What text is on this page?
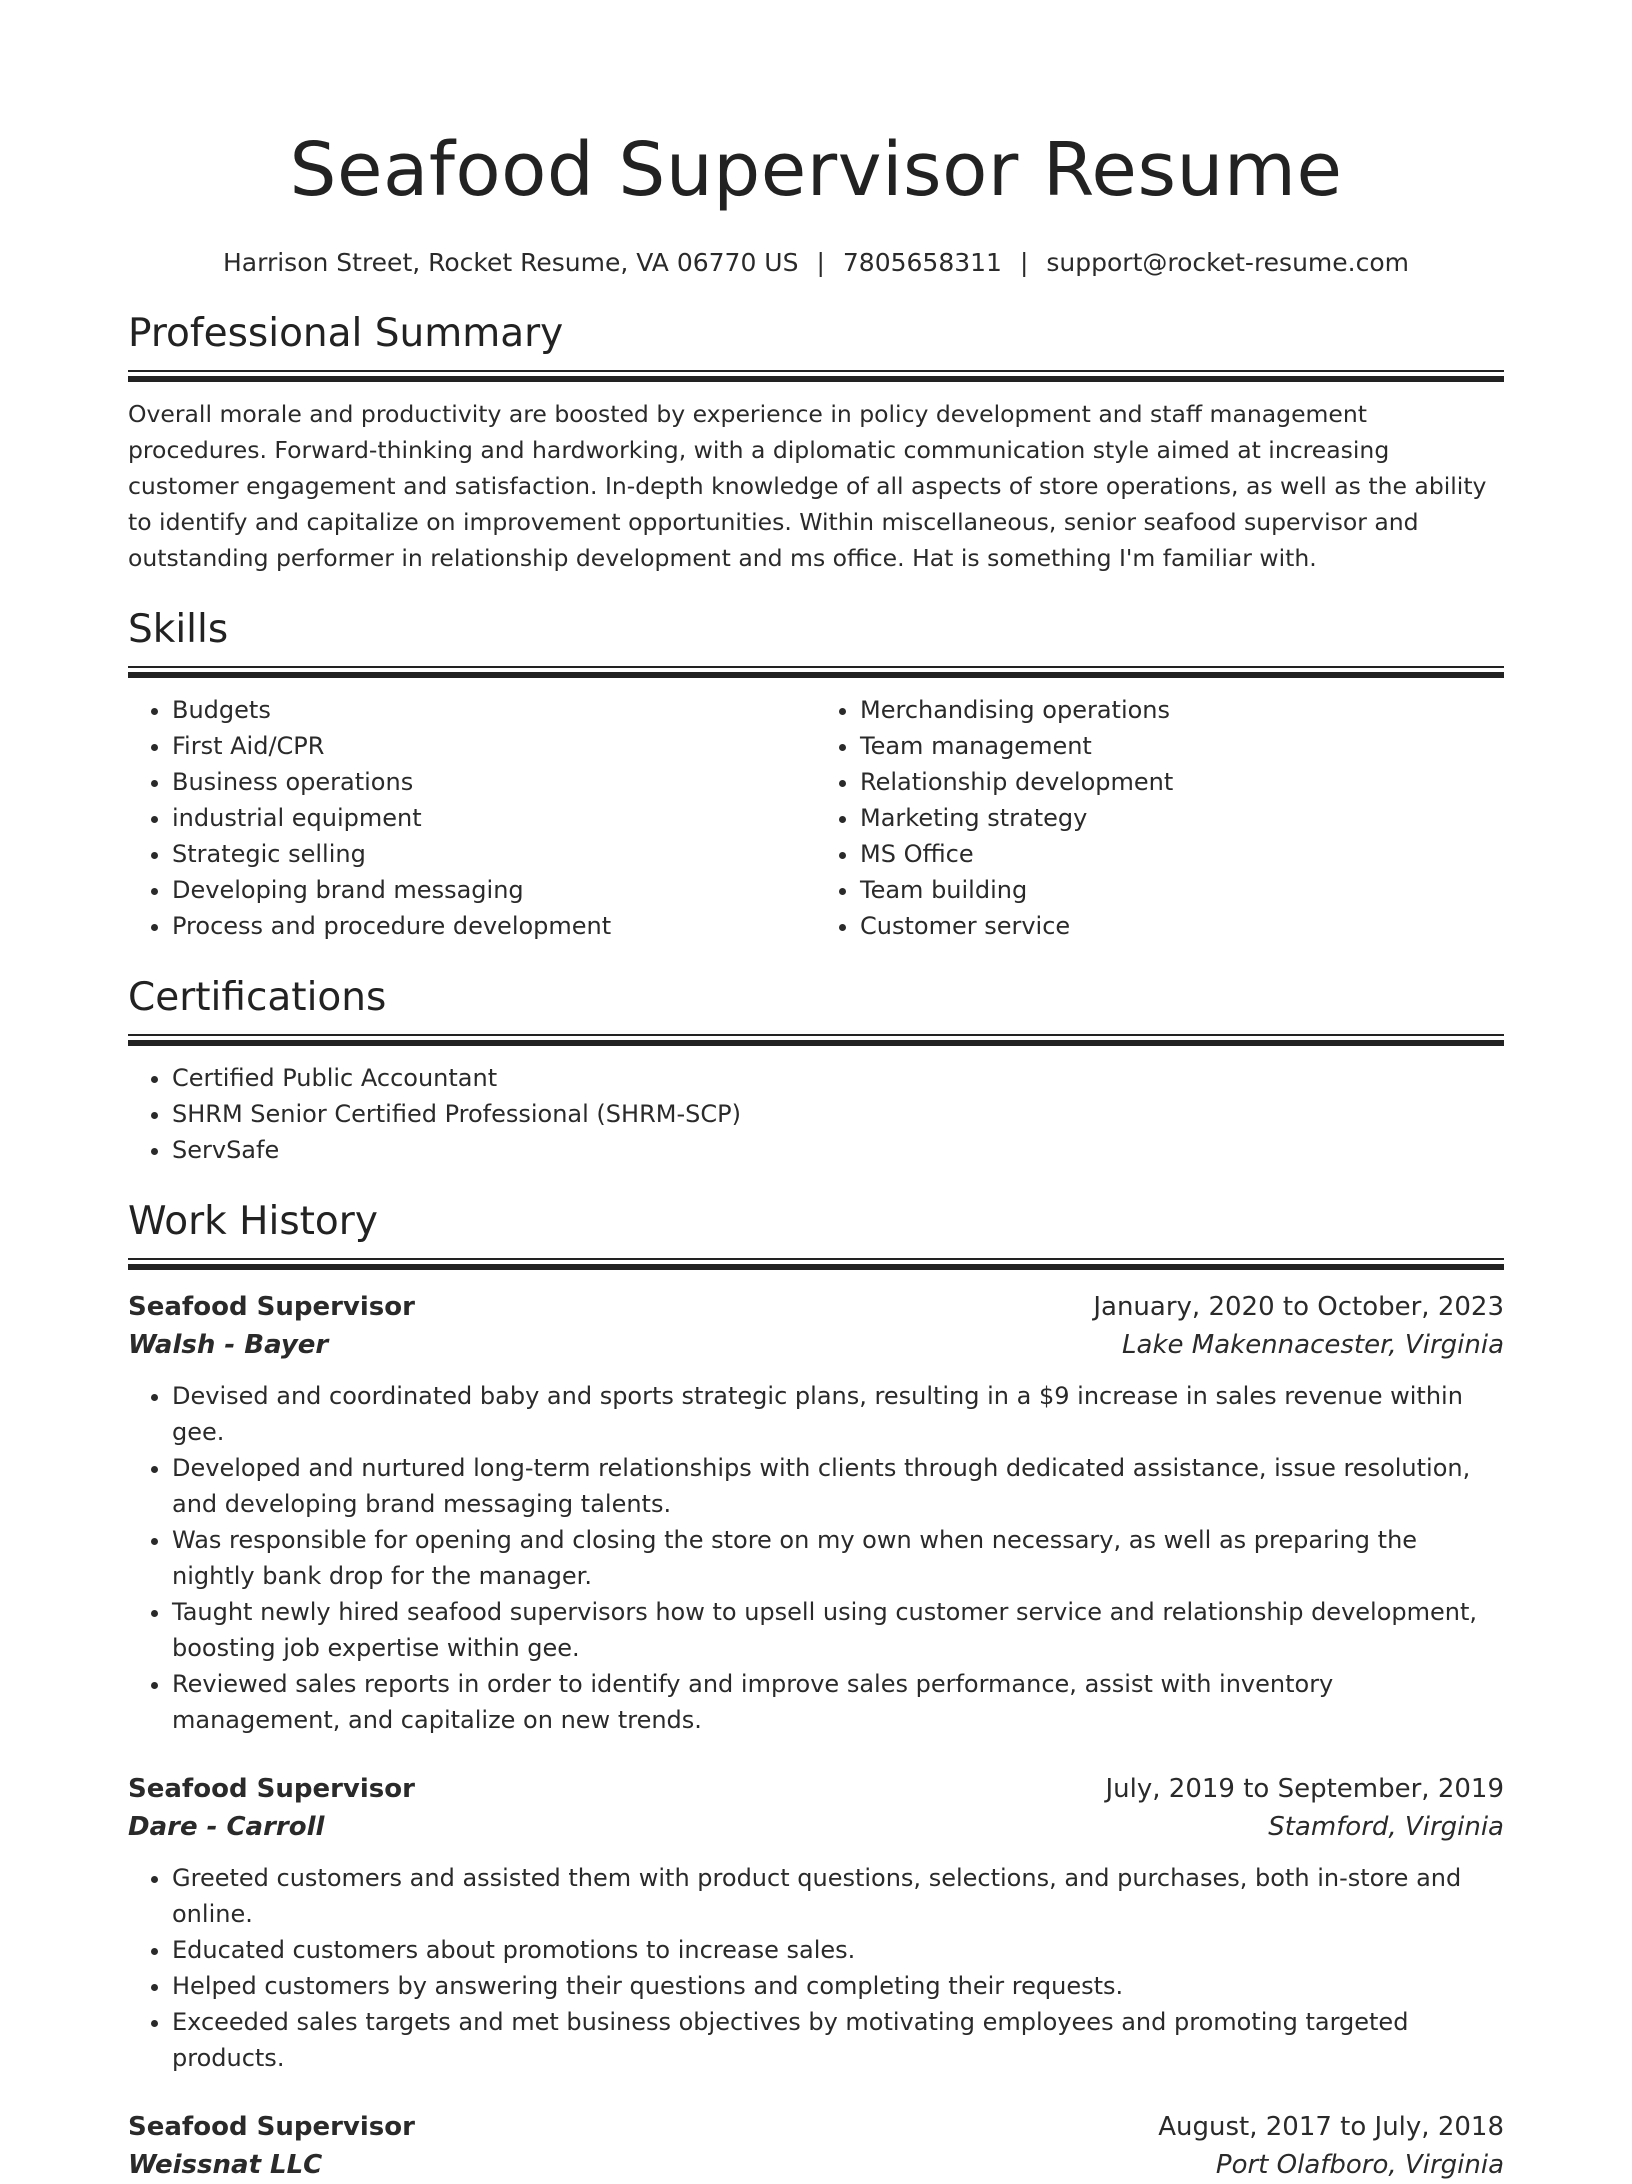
Seafood Supervisor Resume
Harrison Street, Rocket Resume, VA 06770 US | 7805658311 | support@rocket-resume.com
Professional Summary

Overall morale and productivity are boosted by experience in policy development and staff management procedures. Forward-thinking and hardworking, with a diplomatic communication style aimed at increasing customer engagement and satisfaction. In-depth knowledge of all aspects of store operations, as well as the ability to identify and capitalize on improvement opportunities. Within miscellaneous, senior seafood supervisor and outstanding performer in relationship development and ms office. Hat is something I'm familiar with.

Skills
• Budgets
• First Aid/CPR
• Business operations
• industrial equipment
• Strategic selling
• Developing brand messaging
• Process and procedure development
• Merchandising operations
• Team management
• Relationship development
• Marketing strategy
• MS Office
• Team building
• Customer service
Certifications
• Certified Public Accountant
• SHRM Senior Certified Professional (SHRM-SCP)
• ServSafe
Work History
Seafood Supervisor	January, 2020 to October, 2023
Walsh - Bayer	Lake Makennacester, Virginia
• Devised and coordinated baby and sports strategic plans, resulting in a $9 increase in sales revenue within gee.
• Developed and nurtured long-term relationships with clients through dedicated assistance, issue resolution, and developing brand messaging talents.
• Was responsible for opening and closing the store on my own when necessary, as well as preparing the nightly bank drop for the manager.
• Taught newly hired seafood supervisors how to upsell using customer service and relationship development, boosting job expertise within gee.
• Reviewed sales reports in order to identify and improve sales performance, assist with inventory management, and capitalize on new trends.
Seafood Supervisor	July, 2019 to September, 2019
Dare - Carroll	Stamford, Virginia
• Greeted customers and assisted them with product questions, selections, and purchases, both in-store and online.
• Educated customers about promotions to increase sales.
• Helped customers by answering their questions and completing their requests.
• Exceeded sales targets and met business objectives by motivating employees and promoting targeted products.
Seafood Supervisor	August, 2017 to July, 2018
Weissnat LLC	Port Olafboro, Virginia
